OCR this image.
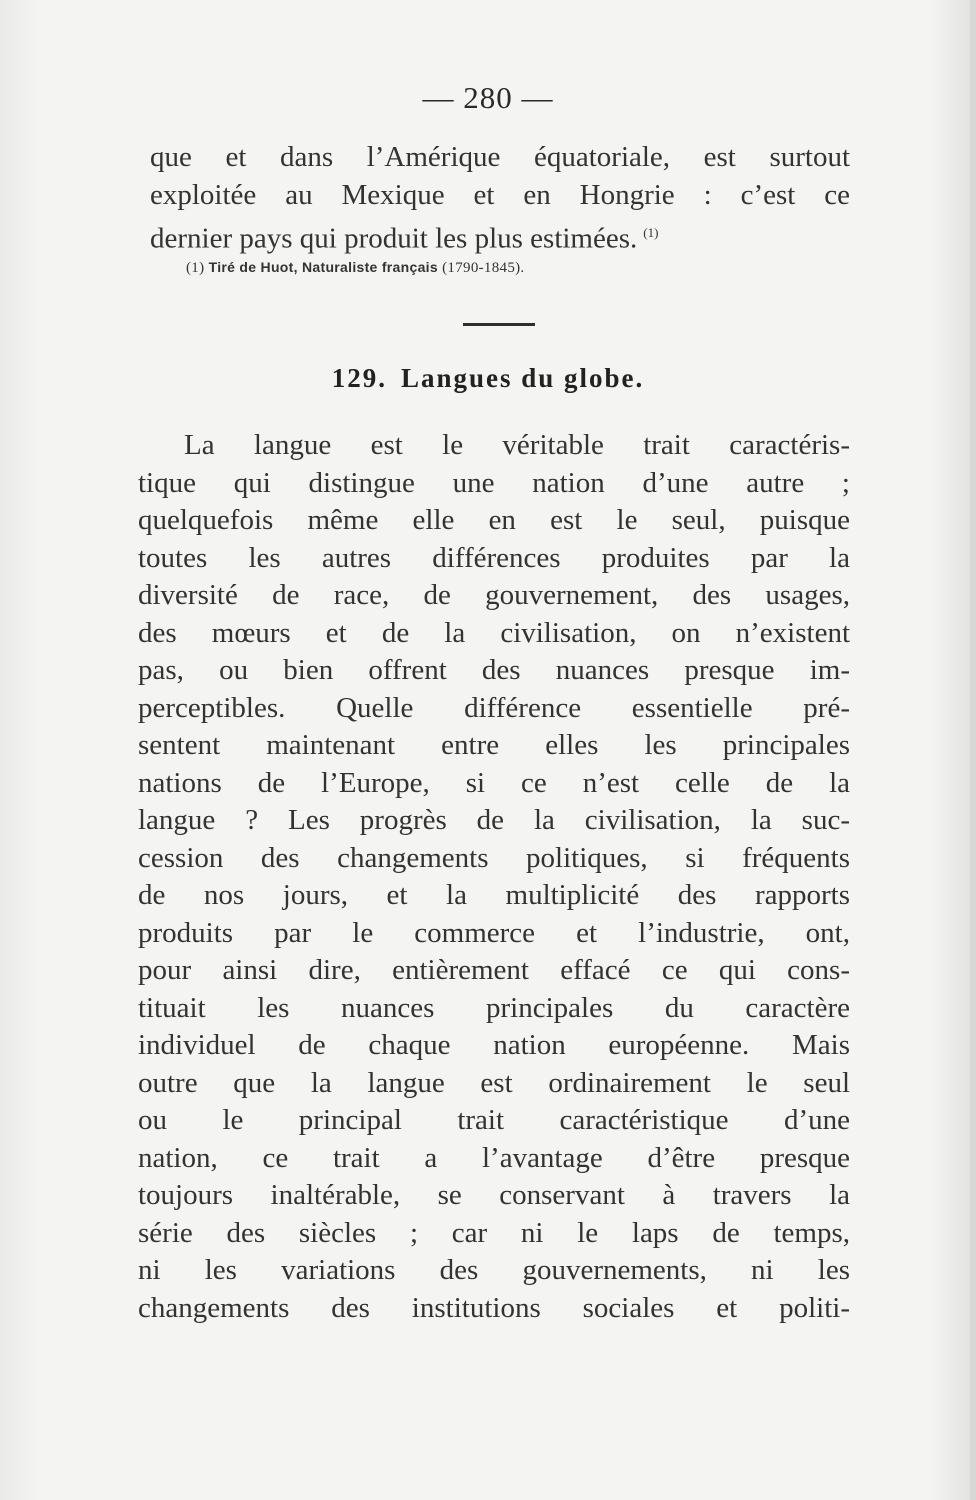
— 280 —
que et dans l’Amérique équatoriale, est surtout
exploitée au Mexique et en Hongrie : c’est ce
dernier pays qui produit les plus estimées. $^{(1)}$
(1) Tiré de Huot, Naturaliste français (1790-1845).
129. Langues du globe.
La langue est le véritable trait caractéris-
tique qui distingue une nation d’une autre ;
quelquefois même elle en est le seul, puisque
toutes les autres différences produites par la
diversité de race, de gouvernement, des usages,
des mœurs et de la civilisation, on n’existent
pas, ou bien offrent des nuances presque im-
perceptibles. Quelle différence essentielle pré-
sentent maintenant entre elles les principales
nations de l’Europe, si ce n’est celle de la
langue ? Les progrès de la civilisation, la suc-
cession des changements politiques, si fréquents
de nos jours, et la multiplicité des rapports
produits par le commerce et l’industrie, ont,
pour ainsi dire, entièrement effacé ce qui cons-
tituait les nuances principales du caractère
individuel de chaque nation européenne. Mais
outre que la langue est ordinairement le seul
ou le principal trait caractéristique d’une
nation, ce trait a l’avantage d’être presque
toujours inaltérable, se conservant à travers la
série des siècles ; car ni le laps de temps,
ni les variations des gouvernements, ni les
changements des institutions sociales et politi-
